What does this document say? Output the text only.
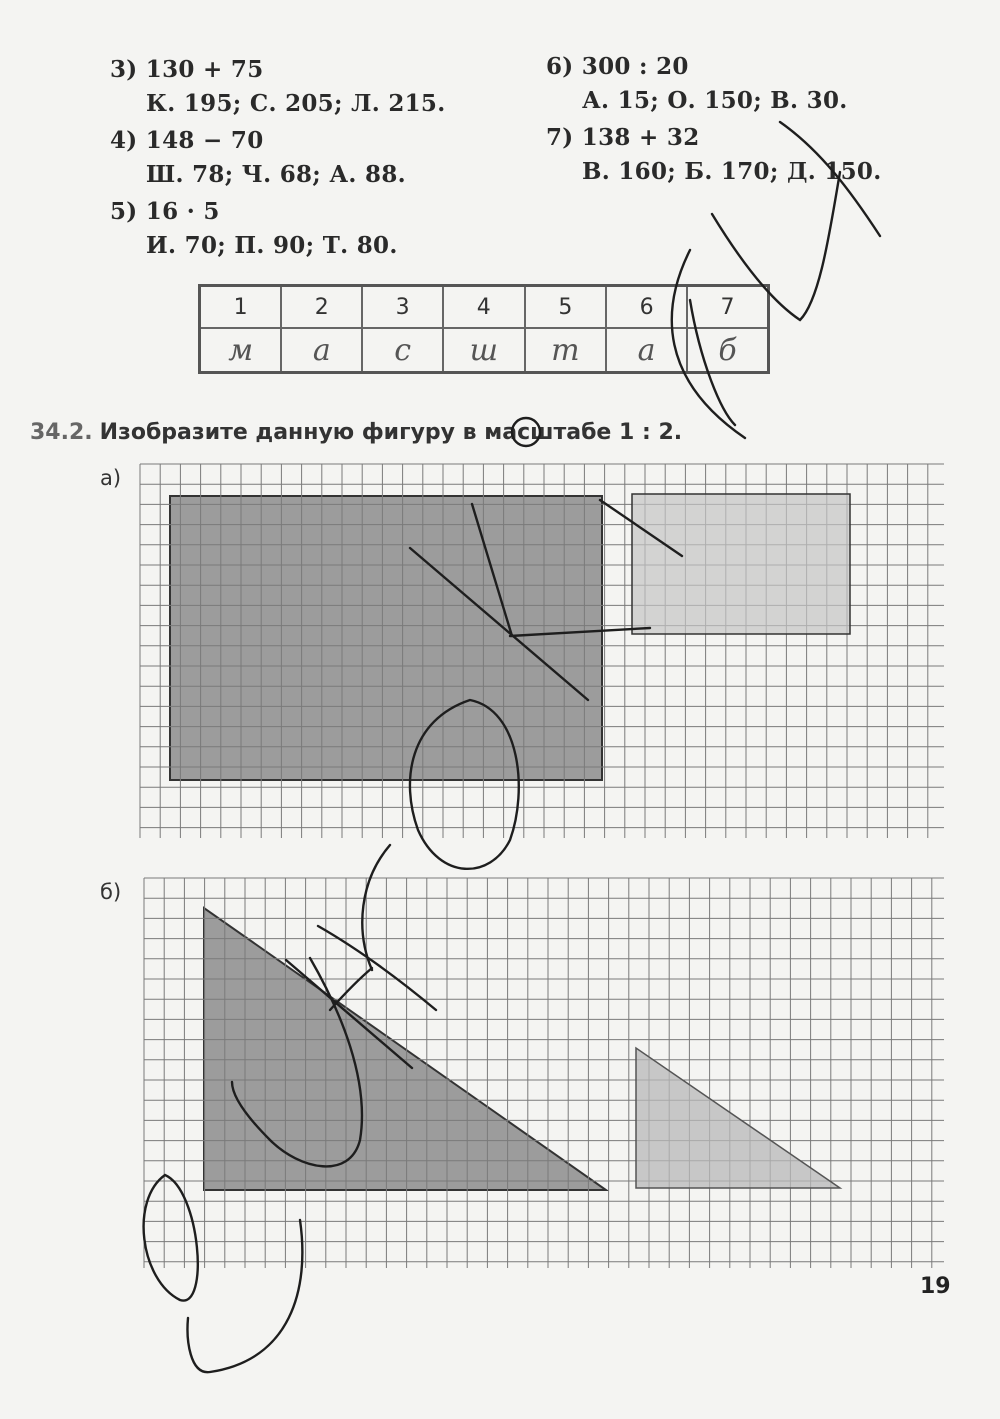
3) 130 + 75
К. 195; С. 205; Л. 215.
4) 148 − 70
Ш. 78; Ч. 68; А. 88.
5) 16 · 5
И. 70; П. 90; Т. 80.
6) 300 : 20
А. 15; О. 150; В. 30.
7) 138 + 32
В. 160; Б. 170; Д. 150.
1	2	3	4	5	6	7
м	а	с	ш	т	а	б
34.2. Изобразите данную фигуру в масштабе 1 : 2.
а)
б)
19
